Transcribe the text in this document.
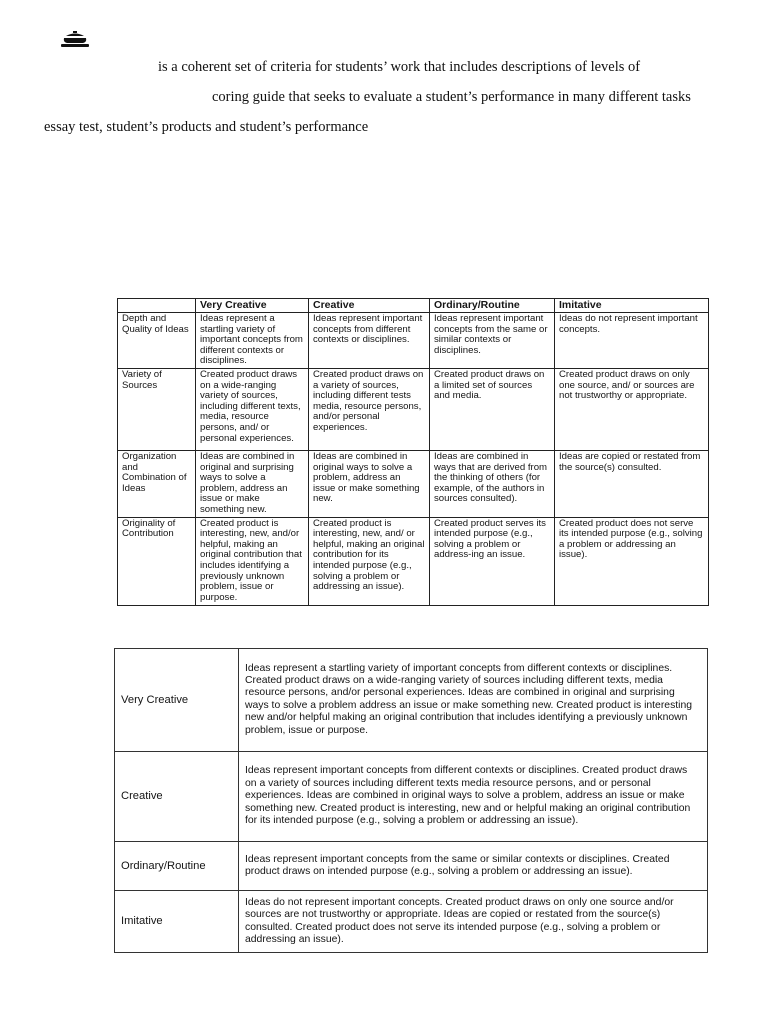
is a coherent set of criteria for students’ work that includes descriptions of levels of
coring guide that seeks to evaluate a student’s performance in many different tasks
essay test, student’s products and student’s performance
	Very Creative	Creative	Ordinary/Routine	Imitative
Depth and Quality of Ideas	Ideas represent a startling variety of important concepts from different contexts or disciplines.	Ideas represent important concepts from different contexts or disciplines.	Ideas represent important concepts from the same or similar contexts or disciplines.	Ideas do not represent important concepts.
Variety of Sources	Created product draws on a wide-ranging variety of sources, including different texts, media, resource persons, and/ or personal experiences.	Created product draws on a variety of sources, including different tests media, resource persons, and/or personal experiences.	Created product draws on a limited set of sources and media.	Created product draws on only one source, and/ or sources are not trustworthy or appropriate.
Organization and Combination of Ideas	Ideas are combined in original and surprising ways to solve a problem, address an issue or make something new.	Ideas are combined in original ways to solve a problem, address an issue or make something new.	Ideas are combined in ways that are derived from the thinking of others (for example, of the authors in sources consulted).	Ideas are copied or restated from the source(s) consulted.
Originality of Contribution	Created product is interesting, new, and/or helpful, making an original contribution that includes identifying a previously unknown problem, issue or purpose.	Created product is interesting, new, and/ or helpful, making an original contribution for its intended purpose (e.g., solving a problem or addressing an issue).	Created product serves its intended purpose (e.g., solving a problem or address-ing an issue.	Created product does not serve its intended purpose (e.g., solving a problem or addressing an issue).
Very Creative	Ideas represent a startling variety of important concepts from different contexts or disciplines. Created product draws on a wide-ranging variety of sources including different texts, media resource persons, and/or personal experiences. Ideas are combined in original and surprising ways to solve a problem address an issue or make something new. Created product is interesting new and/or helpful making an original contribution that includes identifying a previously unknown problem, issue or purpose.
Creative	Ideas represent important concepts from different contexts or disciplines. Created product draws on a variety of sources including different texts media resource persons, and or personal experiences. Ideas are combined in original ways to solve a problem, address an issue or make something new. Created product is interesting, new and or helpful making an original contribution for its intended purpose (e.g., solving a problem or addressing an issue).
Ordinary/Routine	Ideas represent important concepts from the same or similar contexts or disciplines. Created product draws on intended purpose (e.g., solving a problem or addressing an issue).
Imitative	Ideas do not represent important concepts. Created product draws on only one source and/or sources are not trustworthy or appropriate. Ideas are copied or restated from the source(s) consulted. Created product does not serve its intended purpose (e.g., solving a problem or addressing an issue).
